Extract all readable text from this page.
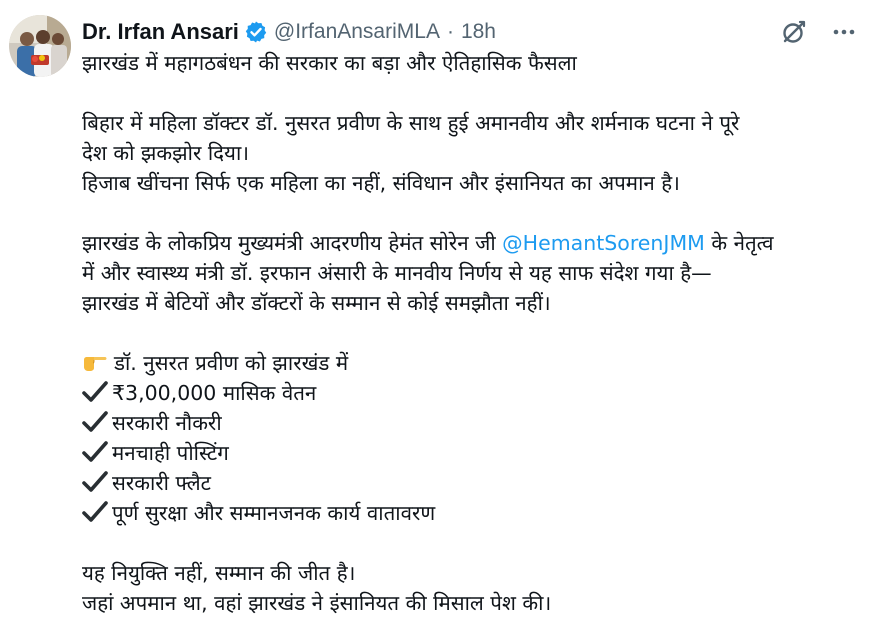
Dr. Irfan Ansari @IrfanAnsariMLA · 18h
झारखंड में महागठबंधन की सरकार का बड़ा और ऐतिहासिक फैसला
बिहार में महिला डॉक्टर डॉ. नुसरत प्रवीण के साथ हुई अमानवीय और शर्मनाक घटना ने पूरे
देश को झकझोर दिया।
हिजाब खींचना सिर्फ एक महिला का नहीं, संविधान और इंसानियत का अपमान है।
झारखंड के लोकप्रिय मुख्यमंत्री आदरणीय हेमंत सोरेन जी @HemantSorenJMM के नेतृत्व
में और स्वास्थ्य मंत्री डॉ. इरफान अंसारी के मानवीय निर्णय से यह साफ संदेश गया है—
झारखंड में बेटियों और डॉक्टरों के सम्मान से कोई समझौता नहीं।
डॉ. नुसरत प्रवीण को झारखंड में
₹3,00,000 मासिक वेतन
सरकारी नौकरी
मनचाही पोस्टिंग
सरकारी फ्लैट
पूर्ण सुरक्षा और सम्मानजनक कार्य वातावरण
यह नियुक्ति नहीं, सम्मान की जीत है।
जहां अपमान था, वहां झारखंड ने इंसानियत की मिसाल पेश की।
